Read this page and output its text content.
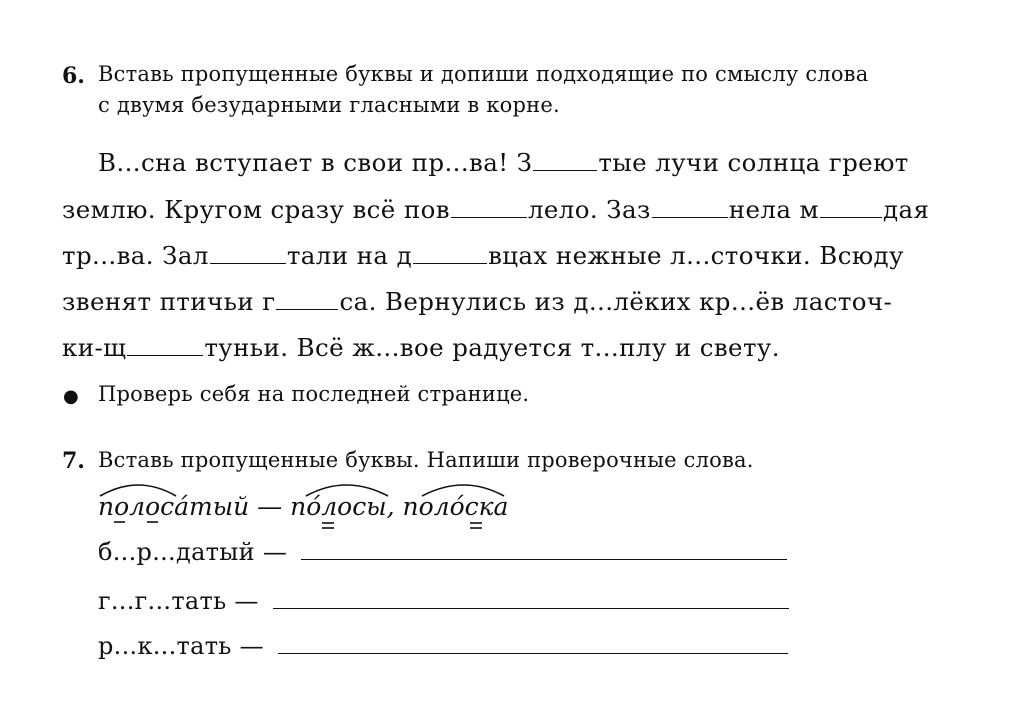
6. Вставь пропущенные буквы и допиши подходящие по смыслу слова
с двумя безударными гласными в корне.
В...сна вступает в свои пр...ва! З	тые лучи солнца греют
землю. Кругом сразу всё пов	лело. Заз	нела м	дая
тр...ва. Зал	тали на д	вцах нежные л...сточки. Всюду
звенят птичьи г	са. Вернулись из д...лёких кр...ёв ласточ-
ки-щ	туньи. Всё ж...вое радуется т...плу и свету.
● Проверь себя на последней странице.
7. Вставь пропущенные буквы. Напиши проверочные слова.
полоса́тый — по́лосы, поло́ска
б...р...датый —
г...г...тать —
р...к...тать —
